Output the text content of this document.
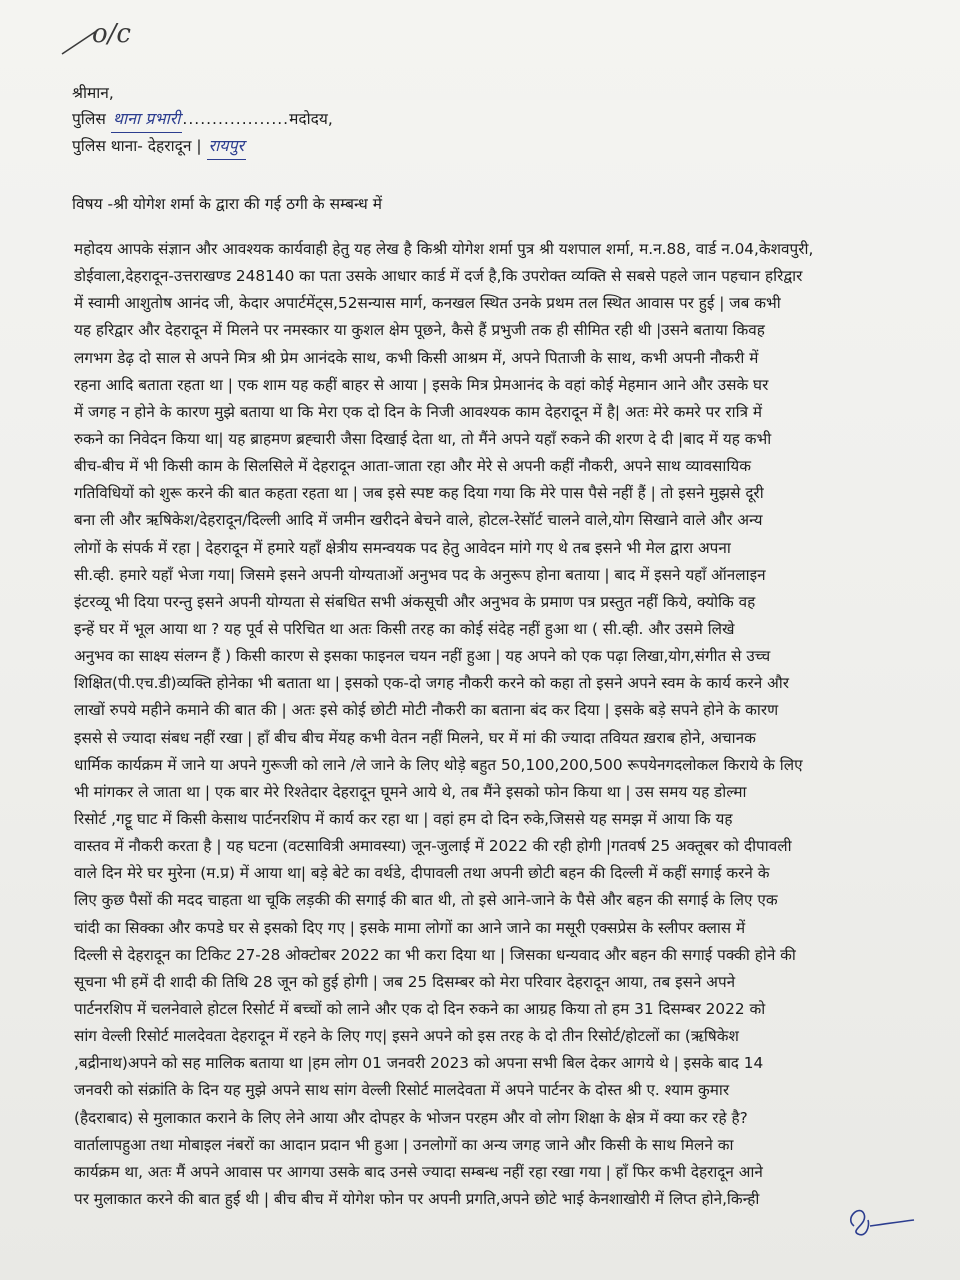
o/c
श्रीमान,
पुलिस थाना प्रभारी ..................मदोदय,
पुलिस थाना- देहरादून | रायपुर
विषय -श्री योगेश शर्मा के द्वारा की गई ठगी के सम्बन्ध में
महोदय आपके संज्ञान और आवश्यक कार्यवाही हेतु यह लेख है किश्री योगेश शर्मा पुत्र श्री यशपाल शर्मा, म.न.88, वार्ड न.04,केशवपुरी,
डोईवाला,देहरादून-उत्तराखण्ड 248140 का पता उसके आधार कार्ड में दर्ज है,कि उपरोक्त व्यक्ति से सबसे पहले जान पहचान हरिद्वार
में स्वामी आशुतोष आनंद जी, केदार अपार्टमेंट्स,52सन्यास मार्ग, कनखल स्थित उनके प्रथम तल स्थित आवास पर हुई | जब कभी
यह हरिद्वार और देहरादून में मिलने पर नमस्कार या कुशल क्षेम पूछने, कैसे हैं प्रभुजी तक ही सीमित रही थी |उसने बताया किवह
लगभग डेढ़ दो साल से अपने मित्र श्री प्रेम आनंदके साथ, कभी किसी आश्रम में, अपने पिताजी के साथ, कभी अपनी नौकरी में
रहना आदि बताता रहता था | एक शाम यह कहीं बाहर से आया | इसके मित्र प्रेमआनंद के वहां कोई मेहमान आने और उसके घर
में जगह न होने के कारण मुझे बताया था कि मेरा एक दो दिन के निजी आवश्यक काम देहरादून में है| अतः मेरे कमरे पर रात्रि में
रुकने का निवेदन किया था| यह ब्राहमण ब्रह्चारी जैसा दिखाई देता था, तो मैंने अपने यहाँ रुकने की शरण दे दी |बाद में यह कभी
बीच-बीच में भी किसी काम के सिलसिले में देहरादून आता-जाता रहा और मेरे से अपनी कहीं नौकरी, अपने साथ व्यावसायिक
गतिविधियों को शुरू करने की बात कहता रहता था | जब इसे स्पष्ट कह दिया गया कि मेरे पास पैसे नहीं हैं | तो इसने मुझसे दूरी
बना ली और ऋषिकेश/देहरादून/दिल्ली आदि में जमीन खरीदने बेचने वाले, होटल-रेसॉर्ट चालने वाले,योग सिखाने वाले और अन्य
लोगों के संपर्क में रहा | देहरादून में हमारे यहाँ क्षेत्रीय समन्वयक पद हेतु आवेदन मांगे गए थे तब इसने भी मेल द्वारा अपना
सी.व्ही. हमारे यहाँ भेजा गया| जिसमे इसने अपनी योग्यताओं अनुभव पद के अनुरूप होना बताया | बाद में इसने यहाँ ऑनलाइन
इंटरव्यू भी दिया परन्तु इसने अपनी योग्यता से संबधित सभी अंकसूची और अनुभव के प्रमाण पत्र प्रस्तुत नहीं किये, क्योकि वह
इन्हें घर में भूल आया था ? यह पूर्व से परिचित था अतः किसी तरह का कोई संदेह नहीं हुआ था ( सी.व्ही. और उसमे लिखे
अनुभव का साक्ष्य संलग्न हैं ) किसी कारण से इसका फाइनल चयन नहीं हुआ | यह अपने को एक पढ़ा लिखा,योग,संगीत से उच्च
शिक्षित(पी.एच.डी)व्यक्ति होनेका भी बताता था | इसको एक-दो जगह नौकरी करने को कहा तो इसने अपने स्वम के कार्य करने और
लाखों रुपये महीने कमाने की बात की | अतः इसे कोई छोटी मोटी नौकरी का बताना बंद कर दिया | इसके बड़े सपने होने के कारण
इससे से ज्यादा संबध नहीं रखा | हाँ बीच बीच मेंयह कभी वेतन नहीं मिलने, घर में मां की ज्यादा तवियत ख़राब होने, अचानक
धार्मिक कार्यक्रम में जाने या अपने गुरूजी को लाने /ले जाने के लिए थोड़े बहुत 50,100,200,500 रूपयेनगदलोकल किराये के लिए
भी मांगकर ले जाता था | एक बार मेरे रिश्तेदार देहरादून घूमने आये थे, तब मैंने इसको फोन किया था | उस समय यह डोल्मा
रिसोर्ट ,गट्टू घाट में किसी केसाथ पार्टनरशिप में कार्य कर रहा था | वहां हम दो दिन रुके,जिससे यह समझ में आया कि यह
वास्तव में नौकरी करता है | यह घटना (वटसावित्री अमावस्या) जून-जुलाई में 2022 की रही होगी |गतवर्ष 25 अक्तूबर को दीपावली
वाले दिन मेरे घर मुरेना (म.प्र) में आया था| बड़े बेटे का वर्थडे, दीपावली तथा अपनी छोटी बहन की दिल्ली में कहीं सगाई करने के
लिए कुछ पैसों की मदद चाहता था चूकि लड़की की सगाई की बात थी, तो इसे आने-जाने के पैसे और बहन की सगाई के लिए एक
चांदी का सिक्का और कपडे घर से इसको दिए गए | इसके मामा लोगों का आने जाने का मसूरी एक्सप्रेस के स्लीपर क्लास में
दिल्ली से देहरादून का टिकिट 27-28 ओक्टोबर 2022 का भी करा दिया था | जिसका धन्यवाद और बहन की सगाई पक्की होने की
सूचना भी हमें दी शादी की तिथि 28 जून को हुई होगी | जब 25 दिसम्बर को मेरा परिवार देहरादून आया, तब इसने अपने
पार्टनरशिप में चलनेवाले होटल रिसोर्ट में बच्चों को लाने और एक दो दिन रुकने का आग्रह किया तो हम 31 दिसम्बर 2022 को
सांग वेल्ली रिसोर्ट मालदेवता देहरादून में रहने के लिए गए| इसने अपने को इस तरह के दो तीन रिसोर्ट/होटलों का (ऋषिकेश
,बद्रीनाथ)अपने को सह मालिक बताया था |हम लोग 01 जनवरी 2023 को अपना सभी बिल देकर आगये थे | इसके बाद 14
जनवरी को संक्रांति के दिन यह मुझे अपने साथ सांग वेल्ली रिसोर्ट मालदेवता में अपने पार्टनर के दोस्त श्री ए. श्याम कुमार
(हैदराबाद) से मुलाकात कराने के लिए लेने आया और दोपहर के भोजन परहम और वो लोग शिक्षा के क्षेत्र में क्या कर रहे है?
वार्तालापहुआ तथा मोबाइल नंबरों का आदान प्रदान भी हुआ | उनलोगों का अन्य जगह जाने और किसी के साथ मिलने का
कार्यक्रम था, अतः मैं अपने आवास पर आगया उसके बाद उनसे ज्यादा सम्बन्ध नहीं रहा रखा गया | हाँ फिर कभी देहरादून आने
पर मुलाकात करने की बात हुई थी | बीच बीच में योगेश फोन पर अपनी प्रगति,अपने छोटे भाई केनशाखोरी में लिप्त होने,किन्ही
